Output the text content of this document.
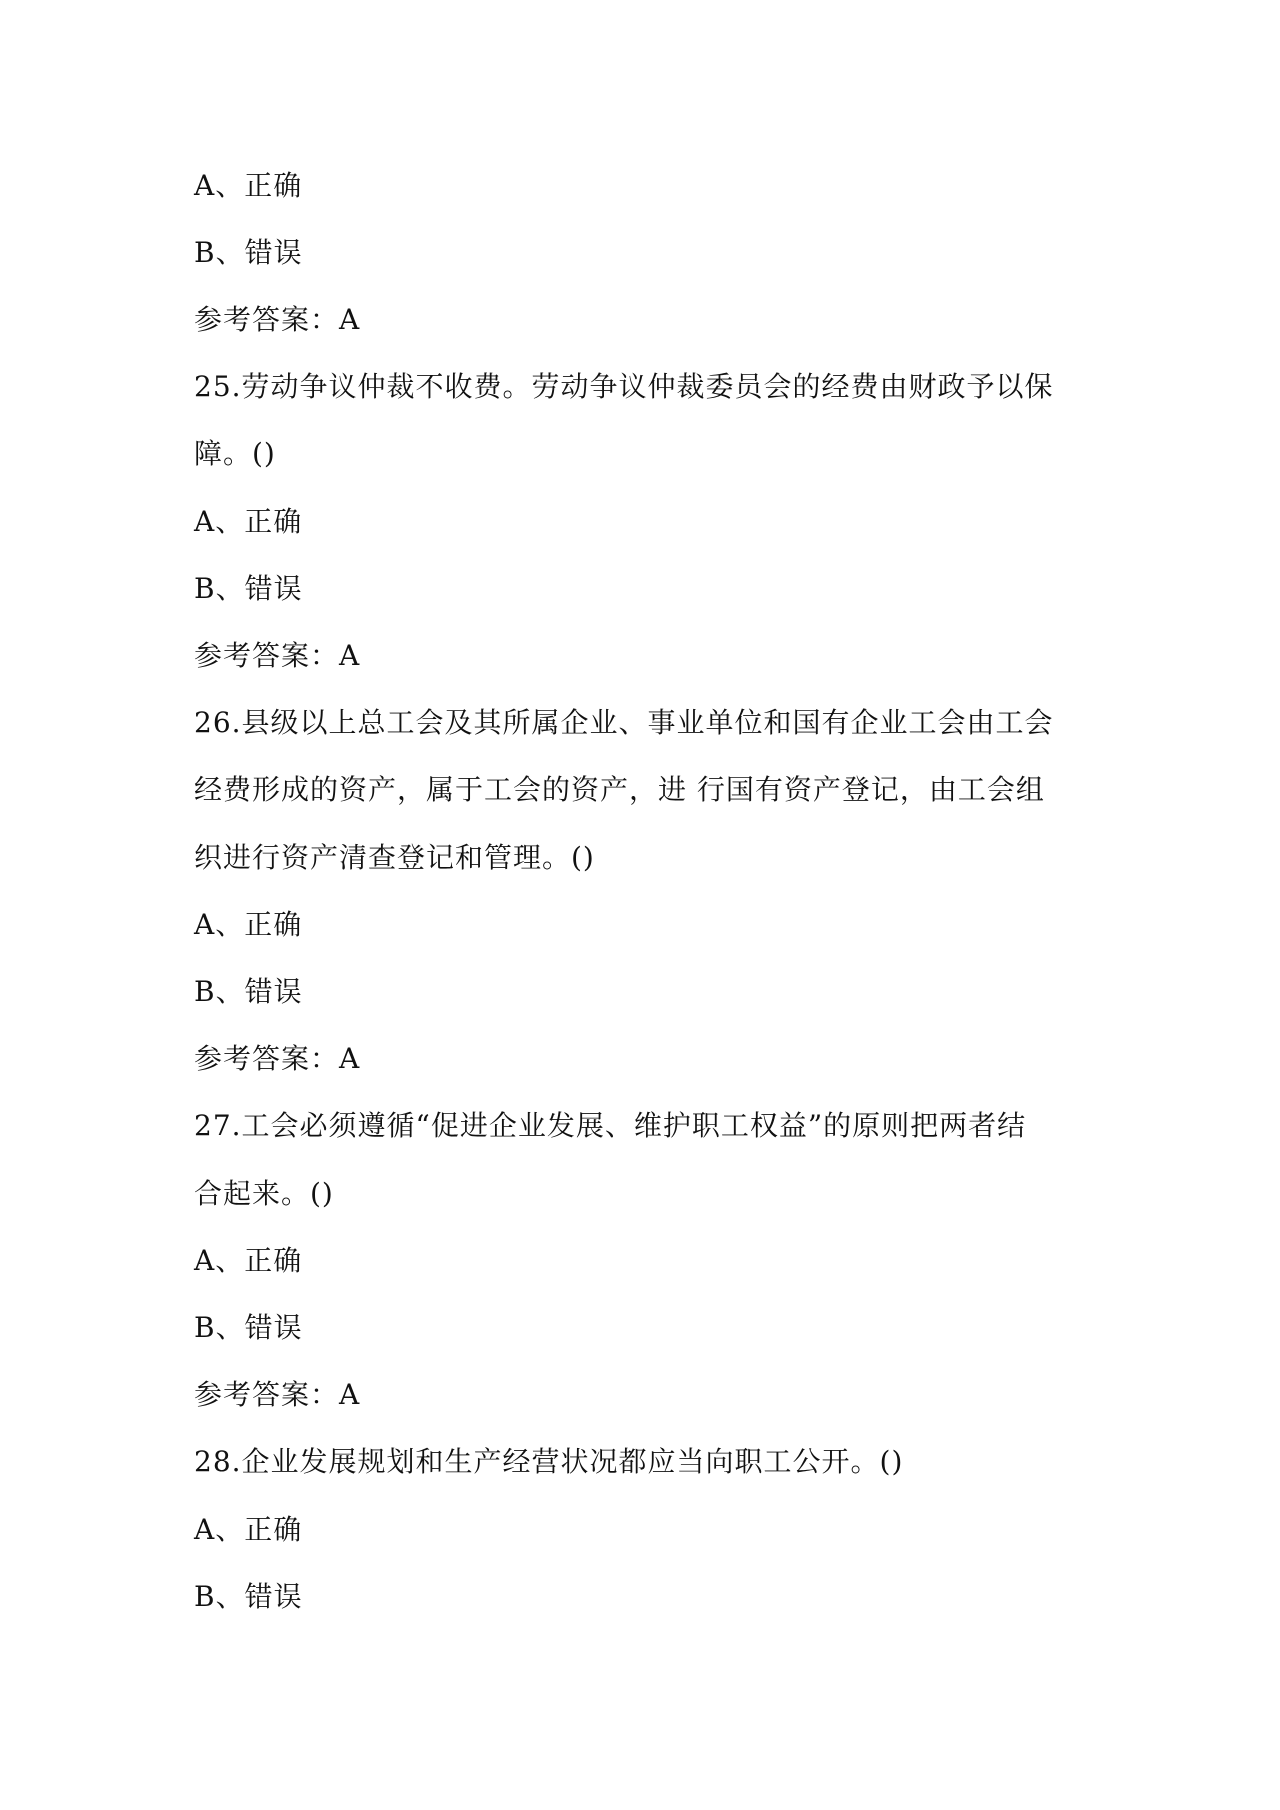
A、正确
B、错误
参考答案：A
25.劳动争议仲裁不收费。劳动争议仲裁委员会的经费由财政予以保
障。()
A、正确
B、错误
参考答案：A
26.县级以上总工会及其所属企业、事业单位和国有企业工会由工会
经费形成的资产，属于工会的资产，进 行国有资产登记，由工会组
织进行资产清查登记和管理。()
A、正确
B、错误
参考答案：A
27.工会必须遵循“促进企业发展、维护职工权益”的原则把两者结
合起来。()
A、正确
B、错误
参考答案：A
28.企业发展规划和生产经营状况都应当向职工公开。()
A、正确
B、错误
